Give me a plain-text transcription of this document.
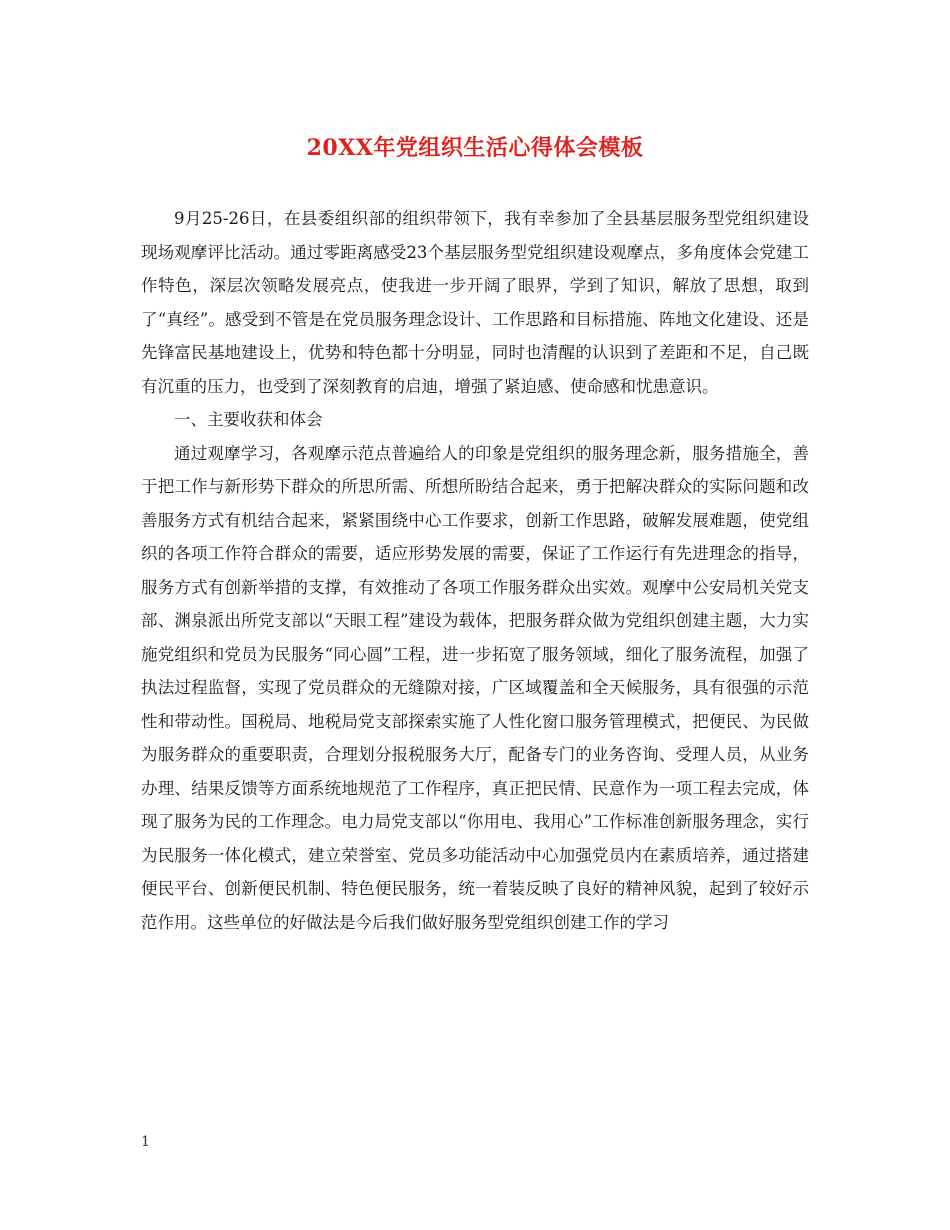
20XX年党组织生活心得体会模板

9月25-26日，在县委组织部的组织带领下，我有幸参加了全县基层服务型党组织建设现场观摩评比活动。通过零距离感受23个基层服务型党组织建设观摩点，多角度体会党建工作特色，深层次领略发展亮点，使我进一步开阔了眼界，学到了知识，解放了思想，取到了“真经”。感受到不管是在党员服务理念设计、工作思路和目标措施、阵地文化建设、还是先锋富民基地建设上，优势和特色都十分明显，同时也清醒的认识到了差距和不足，自己既有沉重的压力，也受到了深刻教育的启迪，增强了紧迫感、使命感和忧患意识。

一、主要收获和体会

通过观摩学习，各观摩示范点普遍给人的印象是党组织的服务理念新，服务措施全，善于把工作与新形势下群众的所思所需、所想所盼结合起来，勇于把解决群众的实际问题和改善服务方式有机结合起来，紧紧围绕中心工作要求，创新工作思路，破解发展难题，使党组织的各项工作符合群众的需要，适应形势发展的需要，保证了工作运行有先进理念的指导，服务方式有创新举措的支撑，有效推动了各项工作服务群众出实效。观摩中公安局机关党支部、渊泉派出所党支部以“天眼工程”建设为载体，把服务群众做为党组织创建主题，大力实施党组织和党员为民服务“同心圆”工程，进一步拓宽了服务领域，细化了服务流程，加强了执法过程监督，实现了党员群众的无缝隙对接，广区域覆盖和全天候服务，具有很强的示范性和带动性。国税局、地税局党支部探索实施了人性化窗口服务管理模式，把便民、为民做为服务群众的重要职责，合理划分报税服务大厅，配备专门的业务咨询、受理人员，从业务办理、结果反馈等方面系统地规范了工作程序，真正把民情、民意作为一项工程去完成，体现了服务为民的工作理念。电力局党支部以“你用电、我用心”工作标准创新服务理念，实行为民服务一体化模式，建立荣誉室、党员多功能活动中心加强党员内在素质培养，通过搭建便民平台、创新便民机制、特色便民服务，统一着装反映了良好的精神风貌，起到了较好示范作用。这些单位的好做法是今后我们做好服务型党组织创建工作的学习

1
